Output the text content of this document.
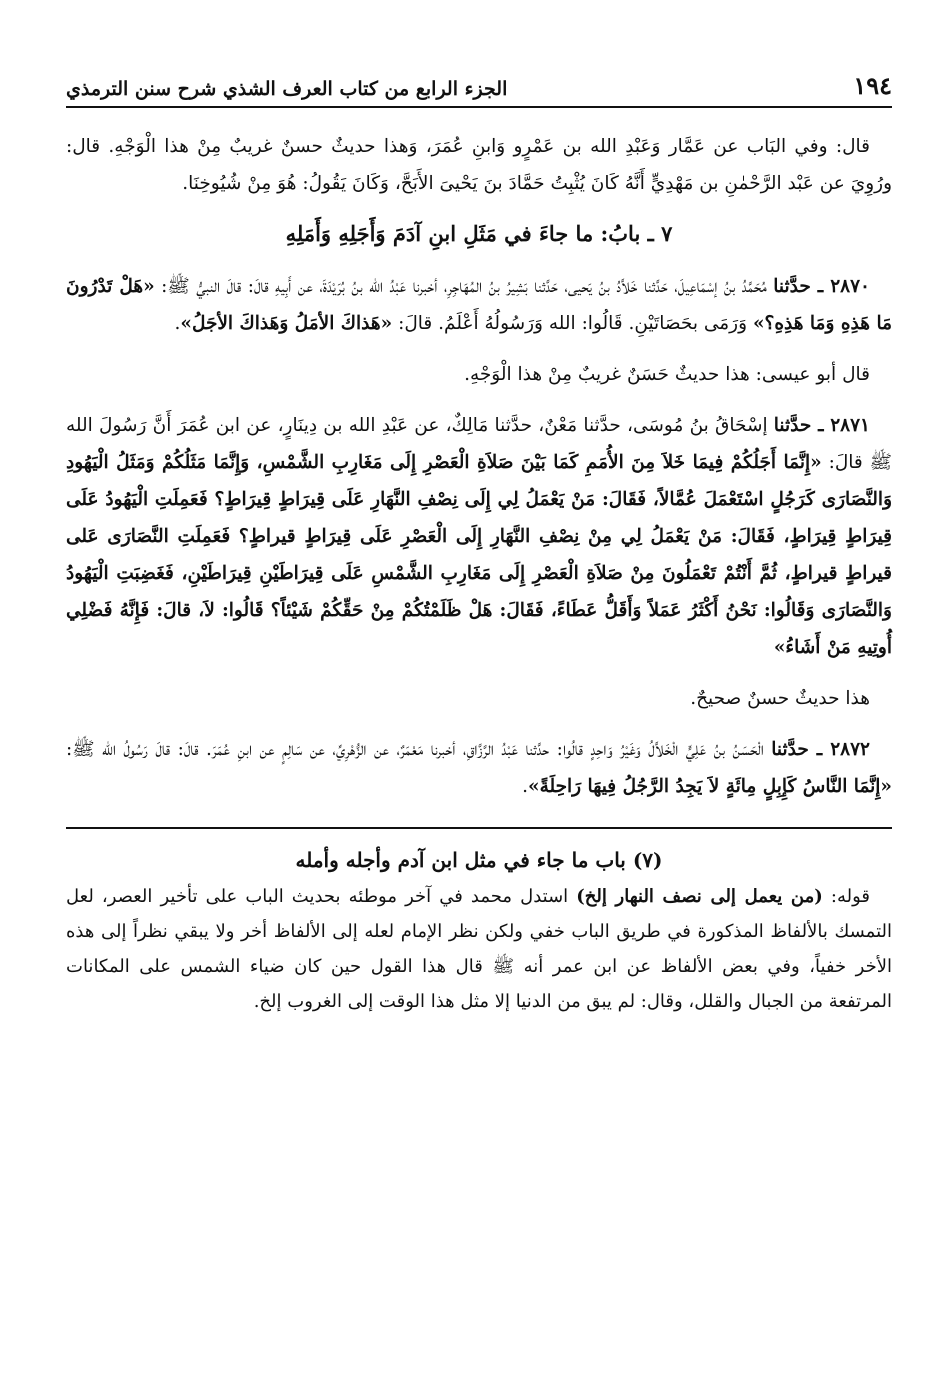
١٩٤
الجزء الرابع من كتاب العرف الشذي شرح سنن الترمذي

قال: وفي البَاب عن عَمَّار وَعَبْدِ الله بن عَمْرٍو وَابنِ عُمَرَ، وَهذا حديثٌ حسنٌ غريبٌ مِنْ هذا الْوَجْهِ. قال: ورُوِيَ عن عَبْد الرَّحْمٰنِ بن مَهْدِيٍّ أَنَّهُ كَانَ يُثْبِتُ حَمَّادَ بنَ يَحْيىَ الأَبَحَّ، وَكَانَ يَقُولُ: هُوَ مِنْ شُيُوخِنَا.

٧ ـ بابُ: ما جاءَ في مَثَلِ ابنِ آدَمَ وَأَجَلِهِ وَأَمَلِهِ

٢٨٧٠ ـ حدَّثنا مُحَمَّدُ بنُ إسْمَاعِيلَ، حَدَّثنا خَلاَّدُ بنُ يَحيى، حَدَّثنا بَشِيرُ بنُ المُهَاجِرِ، أخبرنا عَبْدُ الله بنُ بُرَيْدَةَ، عن أَبِيهِ قالَ: قالَ النبيُّ ﷺ: «هَلْ تَدْرُونَ مَا هَذِهِ وَمَا هَذِهِ؟» وَرَمَى بحَصَاتَيْنِ. قَالُوا: الله وَرَسُولُهُ أَعْلَمُ. قالَ: «هَذاكَ الأمَلُ وَهَذاكَ الأجَلُ».

قال أبو عيسى: هذا حديثٌ حَسَنٌ غريبٌ مِنْ هذا الْوَجْهِ.

٢٨٧١ ـ حدَّثنا إسْحَاقُ بنُ مُوسَى، حدَّثنا مَعْنٌ، حدَّثنا مَالِكٌ، عن عَبْدِ الله بن دِينَارٍ، عن ابن عُمَرَ أَنَّ رَسُولَ الله ﷺ قالَ: «إِنَّمَا أَجَلُكُمْ فِيمَا خَلاَ مِنَ الأُمَمِ كَمَا بَيْنَ صَلاَةِ الْعَصْرِ إِلَى مَغَارِبِ الشَّمْسِ، وَإِنَّمَا مَثَلُكُمْ وَمَثَلُ الْيَهُودِ وَالنَّصَارَى كَرَجُلٍ اسْتَعْمَلَ عُمَّالاً، فَقَالَ: مَنْ يَعْمَلُ لِي إِلَى نِصْفِ النَّهَارِ عَلَى قِيرَاطٍ قِيرَاطٍ؟ فَعَمِلَتِ الْيَهُودُ عَلَى قِيرَاطٍ قِيرَاطٍ، فَقَالَ: مَنْ يَعْمَلُ لِي مِنْ نِصْفِ النَّهَارِ إِلَى الْعَصْرِ عَلَى قِيرَاطٍ قيراطٍ؟ فَعَمِلَتِ النَّصَارَى عَلى قيراطٍ قيراطٍ، ثُمَّ أَنْتُمْ تَعْمَلُونَ مِنْ صَلاَةِ الْعَصْرِ إِلَى مَغَارِبِ الشَّمْسِ عَلَى قِيرَاطَيْنِ قِيرَاطَيْنِ، فَغَضِبَتِ الْيَهُودُ وَالنَّصَارَى وَقَالُوا: نَحْنُ أَكْثَرُ عَمَلاً وَأَقَلُّ عَطَاءً، فَقَالَ: هَلْ ظَلَمْتُكُمْ مِنْ حَقِّكُمْ شَيْئاً؟ قَالُوا: لاَ، قالَ: فَإِنَّهُ فَضْلِي أُوتِيهِ مَنْ أَشَاءُ»

هذا حديثٌ حسنٌ صحيحٌ.

٢٨٧٢ ـ حدَّثنا الْحَسَنُ بنُ عَلِيٍّ الْخَلاَّلُ وَغَيْرُ وَاحِدٍ قالُوا: حدَّثنا عَبْدُ الرَّزَّاقِ، أخبرنا مَعْمَرٌ، عن الزُّهْرِيِّ، عن سَالِمٍ عن ابنِ عُمَرَ. قالَ: قالَ رَسُولُ الله ﷺ: «إِنَّمَا النَّاسُ كَإِبِلٍ مِائَةٍ لاَ يَجِدُ الرَّجُلُ فِيهَا رَاحِلَةً».

(٧) باب ما جاء في مثل ابن آدم وأجله وأمله

قوله: (من يعمل إلى نصف النهار إلخ) استدل محمد في آخر موطئه بحديث الباب على تأخير العصر، لعل التمسك بالألفاظ المذكورة في طريق الباب خفي ولكن نظر الإمام لعله إلى الألفاظ أخر ولا يبقي نظراً إلى هذه الأخر خفياً، وفي بعض الألفاظ عن ابن عمر أنه ﷺ قال هذا القول حين كان ضياء الشمس على المكانات المرتفعة من الجبال والقلل، وقال: لم يبق من الدنيا إلا مثل هذا الوقت إلى الغروب إلخ.
